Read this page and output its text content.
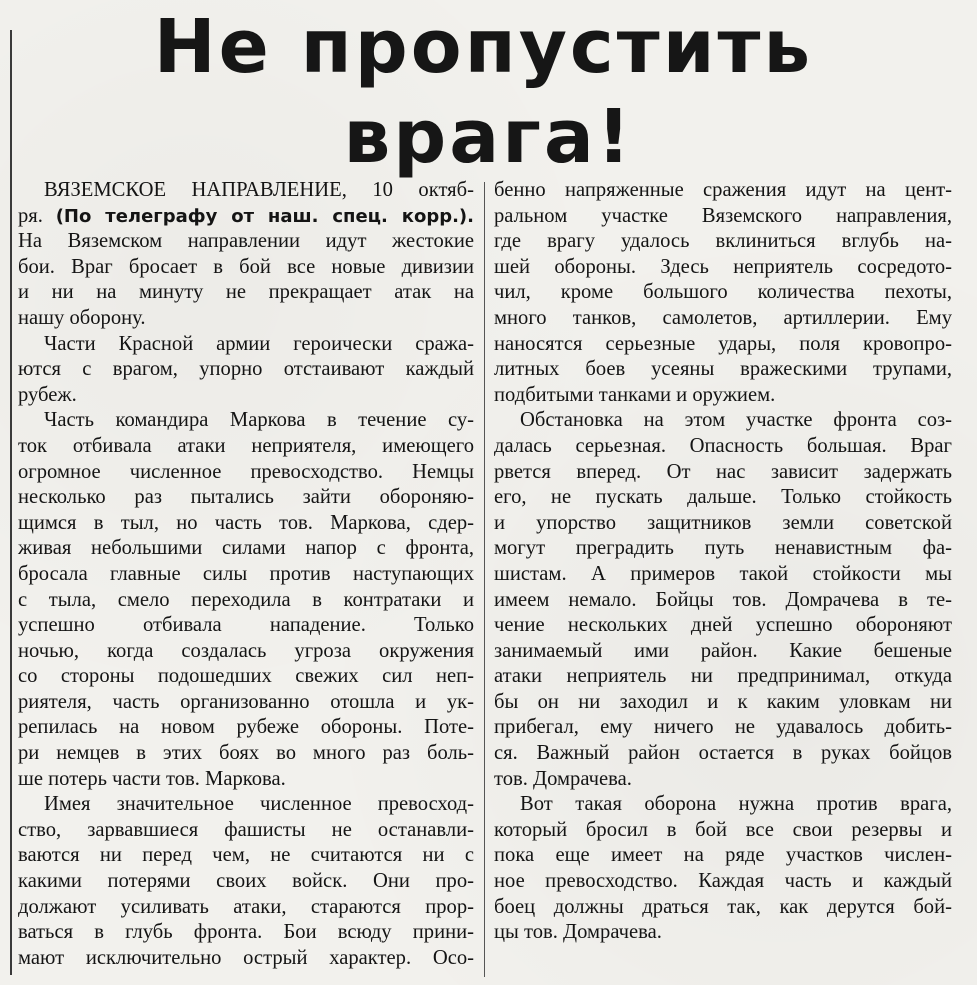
Не пропустить
врага!
ВЯЗЕМСКОЕ НАПРАВЛЕНИЕ, 10 октяб-
ря. (По телеграфу от наш. спец. корр.).
На Вяземском направлении идут жестокие
бои. Враг бросает в бой все новые дивизии
и ни на минуту не прекращает атак на
нашу оборону.
Части Красной армии героически сража-
ются с врагом, упорно отстаивают каждый
рубеж.
Часть командира Маркова в течение су-
ток отбивала атаки неприятеля, имеющего
огромное численное превосходство. Немцы
несколько раз пытались зайти обороняю-
щимся в тыл, но часть тов. Маркова, сдер-
живая небольшими силами напор с фронта,
бросала главные силы против наступающих
с тыла, смело переходила в контратаки и
успешно отбивала нападение. Только
ночью, когда создалась угроза окружения
со стороны подошедших свежих сил неп-
риятеля, часть организованно отошла и ук-
репилась на новом рубеже обороны. Поте-
ри немцев в этих боях во много раз боль-
ше потерь части тов. Маркова.
Имея значительное численное превосход-
ство, зарвавшиеся фашисты не останавли-
ваются ни перед чем, не считаются ни с
какими потерями своих войск. Они про-
должают усиливать атаки, стараются прор-
ваться в глубь фронта. Бои всюду прини-
мают исключительно острый характер. Осо-
бенно напряженные сражения идут на цент-
ральном участке Вяземского направления,
где врагу удалось вклиниться вглубь на-
шей обороны. Здесь неприятель сосредото-
чил, кроме большого количества пехоты,
много танков, самолетов, артиллерии. Ему
наносятся серьезные удары, поля кровопро-
литных боев усеяны вражескими трупами,
подбитыми танками и оружием.
Обстановка на этом участке фронта соз-
далась серьезная. Опасность большая. Враг
рвется вперед. От нас зависит задержать
его, не пускать дальше. Только стойкость
и упорство защитников земли советской
могут преградить путь ненавистным фа-
шистам. А примеров такой стойкости мы
имеем немало. Бойцы тов. Домрачева в те-
чение нескольких дней успешно обороняют
занимаемый ими район. Какие бешеные
атаки неприятель ни предпринимал, откуда
бы он ни заходил и к каким уловкам ни
прибегал, ему ничего не удавалось добить-
ся. Важный район остается в руках бойцов
тов. Домрачева.
Вот такая оборона нужна против врага,
который бросил в бой все свои резервы и
пока еще имеет на ряде участков числен-
ное превосходство. Каждая часть и каждый
боец должны драться так, как дерутся бой-
цы тов. Домрачева.
